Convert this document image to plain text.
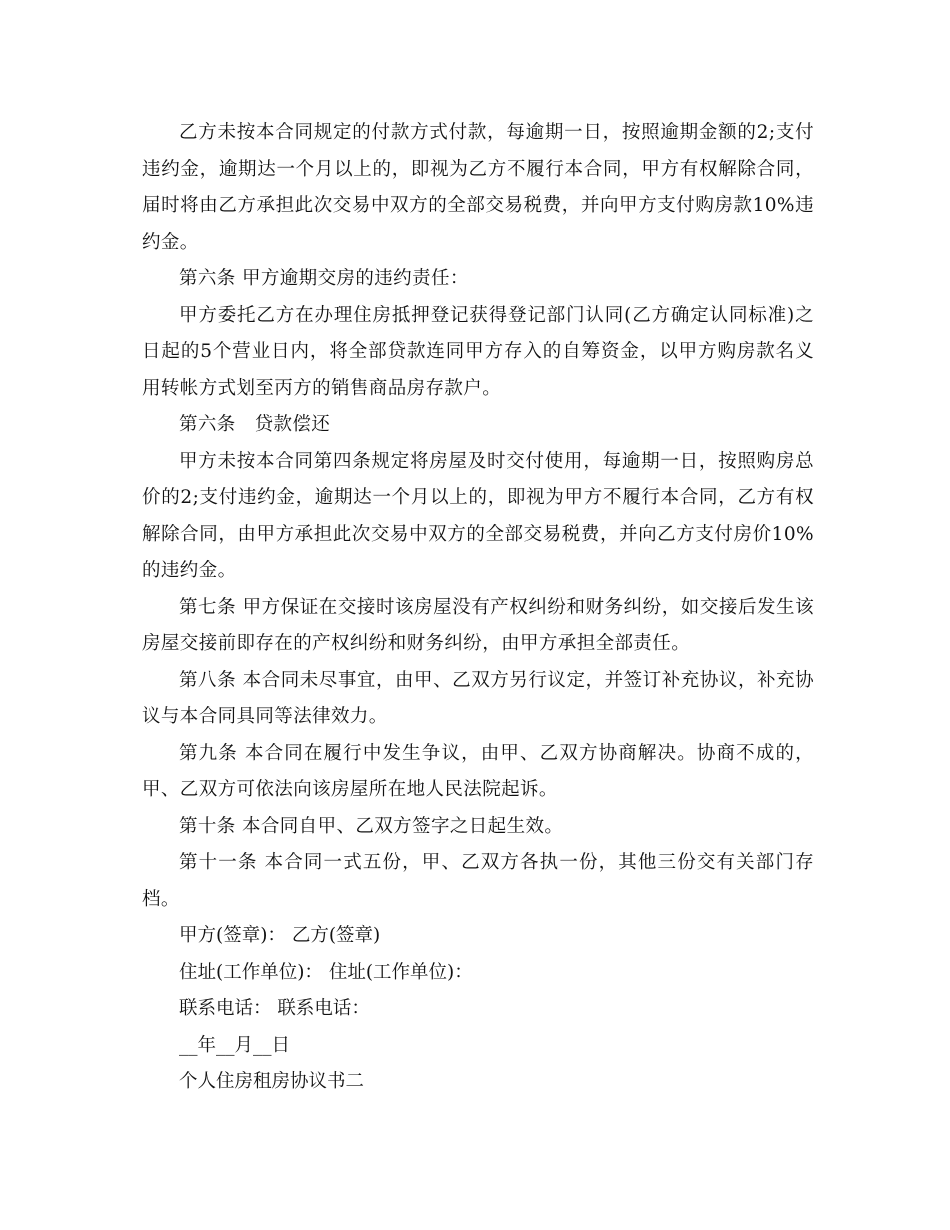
乙方未按本合同规定的付款方式付款，每逾期一日，按照逾期金额的2;支付违约金，逾期达一个月以上的，即视为乙方不履行本合同，甲方有权解除合同，届时将由乙方承担此次交易中双方的全部交易税费，并向甲方支付购房款10%违约金。

第六条 甲方逾期交房的违约责任：

甲方委托乙方在办理住房抵押登记获得登记部门认同(乙方确定认同标准)之日起的5个营业日内，将全部贷款连同甲方存入的自筹资金，以甲方购房款名义用转帐方式划至丙方的销售商品房存款户。

第六条　贷款偿还

甲方未按本合同第四条规定将房屋及时交付使用，每逾期一日，按照购房总价的2;支付违约金，逾期达一个月以上的，即视为甲方不履行本合同，乙方有权解除合同，由甲方承担此次交易中双方的全部交易税费，并向乙方支付房价10%的违约金。

第七条 甲方保证在交接时该房屋没有产权纠纷和财务纠纷，如交接后发生该房屋交接前即存在的产权纠纷和财务纠纷，由甲方承担全部责任。

第八条 本合同未尽事宜，由甲、乙双方另行议定，并签订补充协议，补充协议与本合同具同等法律效力。

第九条 本合同在履行中发生争议，由甲、乙双方协商解决。协商不成的，甲、乙双方可依法向该房屋所在地人民法院起诉。

第十条 本合同自甲、乙双方签字之日起生效。

第十一条 本合同一式五份，甲、乙双方各执一份，其他三份交有关部门存档。

甲方(签章)： 乙方(签章)

住址(工作单位)： 住址(工作单位)：

联系电话： 联系电话：

__年__月__日

个人住房租房协议书二
